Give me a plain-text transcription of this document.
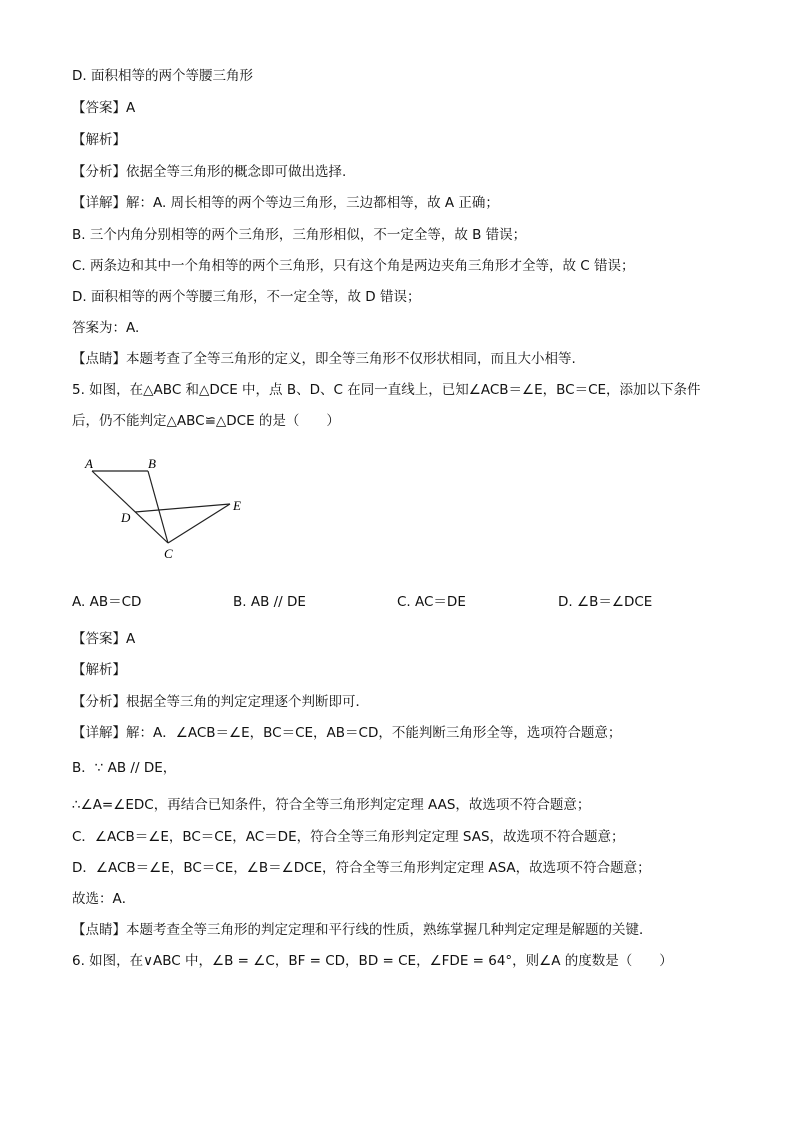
D. 面积相等的两个等腰三角形
【答案】A
【解析】
【分析】依据全等三角形的概念即可做出选择.
【详解】解：A. 周长相等的两个等边三角形，三边都相等，故 A 正确；
B. 三个内角分别相等的两个三角形，三角形相似，不一定全等，故 B 错误；
C. 两条边和其中一个角相等的两个三角形，只有这个角是两边夹角三角形才全等，故 C 错误；
D. 面积相等的两个等腰三角形，不一定全等，故 D 错误；
答案为：A.
【点睛】本题考查了全等三角形的定义，即全等三角形不仅形状相同，而且大小相等.
5. 如图，在△ABC 和△DCE 中，点 B、D、C 在同一直线上，已知∠ACB＝∠E，BC＝CE，添加以下条件
后，仍不能判定△ABC≌△DCE 的是（　　）
A	B
D
E
C
A. AB＝CD	B. AB // DE	C. AC＝DE	D. ∠B＝∠DCE
【答案】A
【解析】
【分析】根据全等三角的判定定理逐个判断即可．
【详解】解：A．∠ACB＝∠E，BC＝CE，AB＝CD，不能判断三角形全等，选项符合题意；
B．∵ AB // DE，
∴∠A=∠EDC，再结合已知条件，符合全等三角形判定定理 AAS，故选项不符合题意；
C．∠ACB＝∠E，BC＝CE，AC＝DE，符合全等三角形判定定理 SAS，故选项不符合题意；
D．∠ACB＝∠E，BC＝CE，∠B＝∠DCE，符合全等三角形判定定理 ASA，故选项不符合题意；
故选：A．
【点睛】本题考查全等三角形的判定定理和平行线的性质，熟练掌握几种判定定理是解题的关键．
6. 如图，在∨ABC 中，∠B = ∠C，BF = CD，BD = CE，∠FDE = 64°，则∠A 的度数是（　　）
